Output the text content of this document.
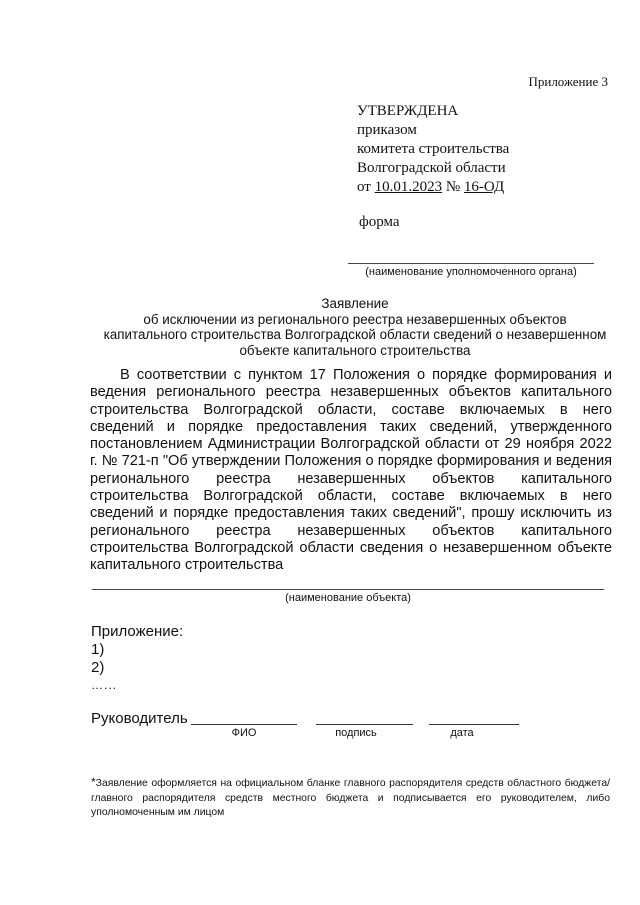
Приложение 3
УТВЕРЖДЕНА
приказом
комитета строительства
Волгоградской области
от 10.01.2023 № 16-ОД
форма
(наименование уполномоченного органа)
Заявление
об исключении из регионального реестра незавершенных объектов
капитального строительства Волгоградской области сведений о незавершенном
объекте капитального строительства
В соответствии с пунктом 17 Положения о порядке формирования и ведения регионального реестра незавершенных объектов капитального строительства Волгоградской области, составе включаемых в него сведений и порядке предоставления таких сведений, утвержденного постановлением Администрации Волгоградской области от 29 ноября 2022 г. № 721-п "Об утверждении Положения о порядке формирования и ведения регионального реестра незавершенных объектов капитального строительства Волгоградской области, составе включаемых в него сведений и порядке предоставления таких сведений", прошу исключить из регионального реестра незавершенных объектов капитального строительства Волгоградской области сведения о незавершенном объекте капитального строительства
(наименование объекта)
Приложение:
1)
2)
…...
Руководитель
ФИО	подпись	дата
*Заявление оформляется на официальном бланке главного распорядителя средств областного бюджета/главного распорядителя средств местного бюджета и подписывается его руководителем, либо уполномоченным им лицом
